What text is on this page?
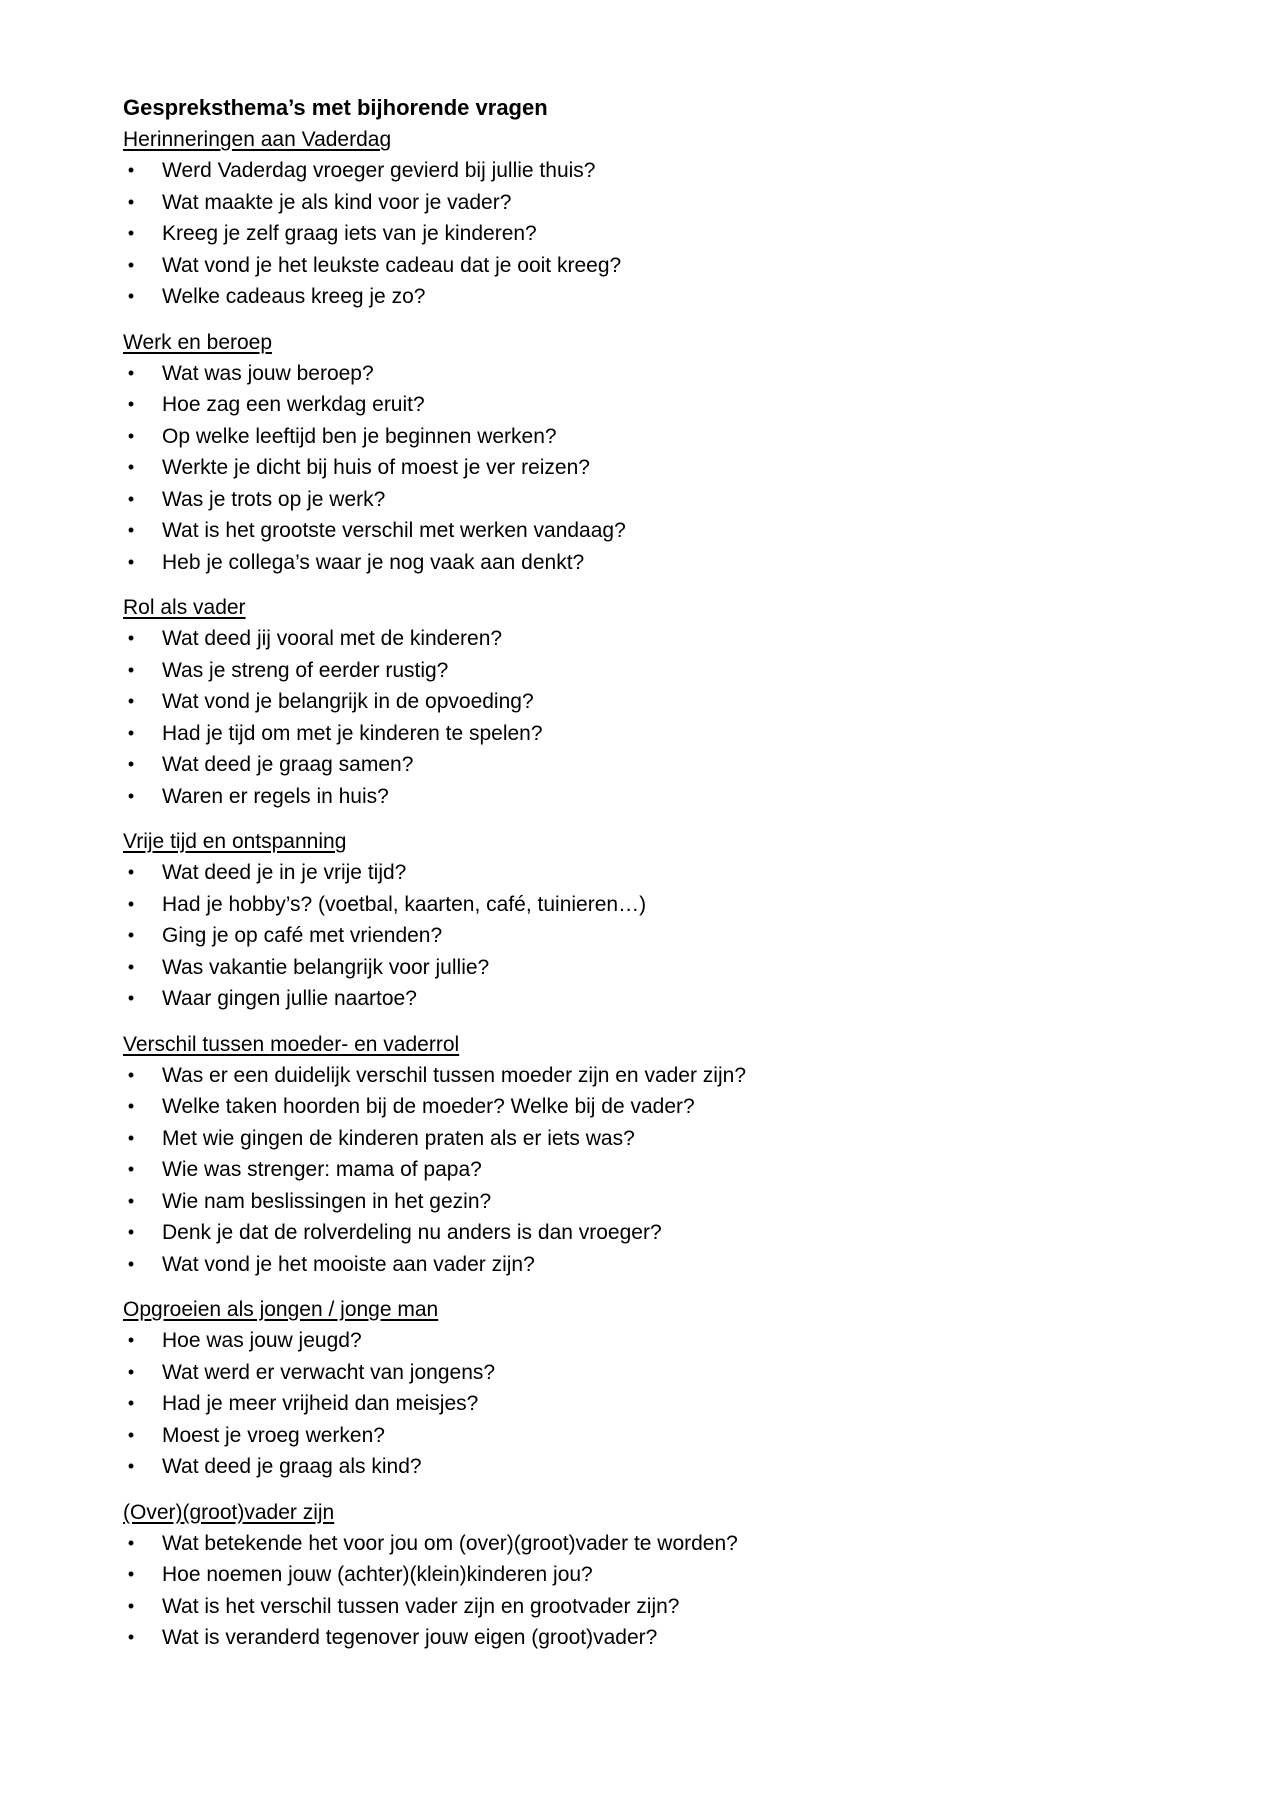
Gespreksthema’s met bijhorende vragen
Herinneringen aan Vaderdag
• Werd Vaderdag vroeger gevierd bij jullie thuis?
• Wat maakte je als kind voor je vader?
• Kreeg je zelf graag iets van je kinderen?
• Wat vond je het leukste cadeau dat je ooit kreeg?
• Welke cadeaus kreeg je zo?
Werk en beroep
• Wat was jouw beroep?
• Hoe zag een werkdag eruit?
• Op welke leeftijd ben je beginnen werken?
• Werkte je dicht bij huis of moest je ver reizen?
• Was je trots op je werk?
• Wat is het grootste verschil met werken vandaag?
• Heb je collega’s waar je nog vaak aan denkt?
Rol als vader
• Wat deed jij vooral met de kinderen?
• Was je streng of eerder rustig?
• Wat vond je belangrijk in de opvoeding?
• Had je tijd om met je kinderen te spelen?
• Wat deed je graag samen?
• Waren er regels in huis?
Vrije tijd en ontspanning
• Wat deed je in je vrije tijd?
• Had je hobby’s? (voetbal, kaarten, café, tuinieren…)
• Ging je op café met vrienden?
• Was vakantie belangrijk voor jullie?
• Waar gingen jullie naartoe?
Verschil tussen moeder- en vaderrol
• Was er een duidelijk verschil tussen moeder zijn en vader zijn?
• Welke taken hoorden bij de moeder? Welke bij de vader?
• Met wie gingen de kinderen praten als er iets was?
• Wie was strenger: mama of papa?
• Wie nam beslissingen in het gezin?
• Denk je dat de rolverdeling nu anders is dan vroeger?
• Wat vond je het mooiste aan vader zijn?
Opgroeien als jongen / jonge man
• Hoe was jouw jeugd?
• Wat werd er verwacht van jongens?
• Had je meer vrijheid dan meisjes?
• Moest je vroeg werken?
• Wat deed je graag als kind?
(Over)(groot)vader zijn
• Wat betekende het voor jou om (over)(groot)vader te worden?
• Hoe noemen jouw (achter)(klein)kinderen jou?
• Wat is het verschil tussen vader zijn en grootvader zijn?
• Wat is veranderd tegenover jouw eigen (groot)vader?
